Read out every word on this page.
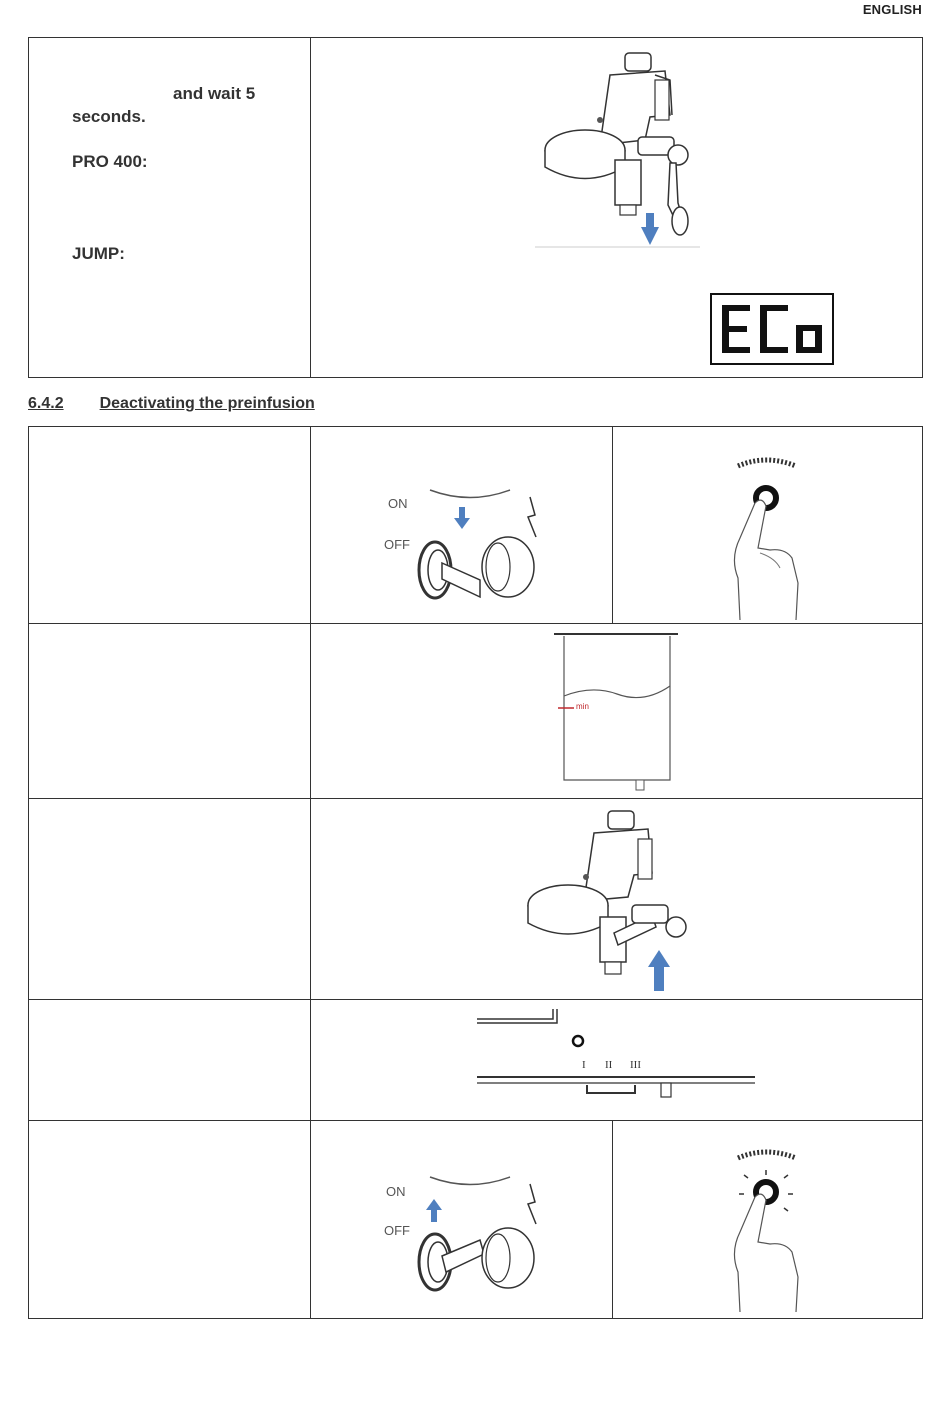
ENGLISH
and wait 5
seconds.
PRO 400:
JUMP:
6.4.2 Deactivating the preinfusion
ON
OFF
min
I II III
ON
OFF
